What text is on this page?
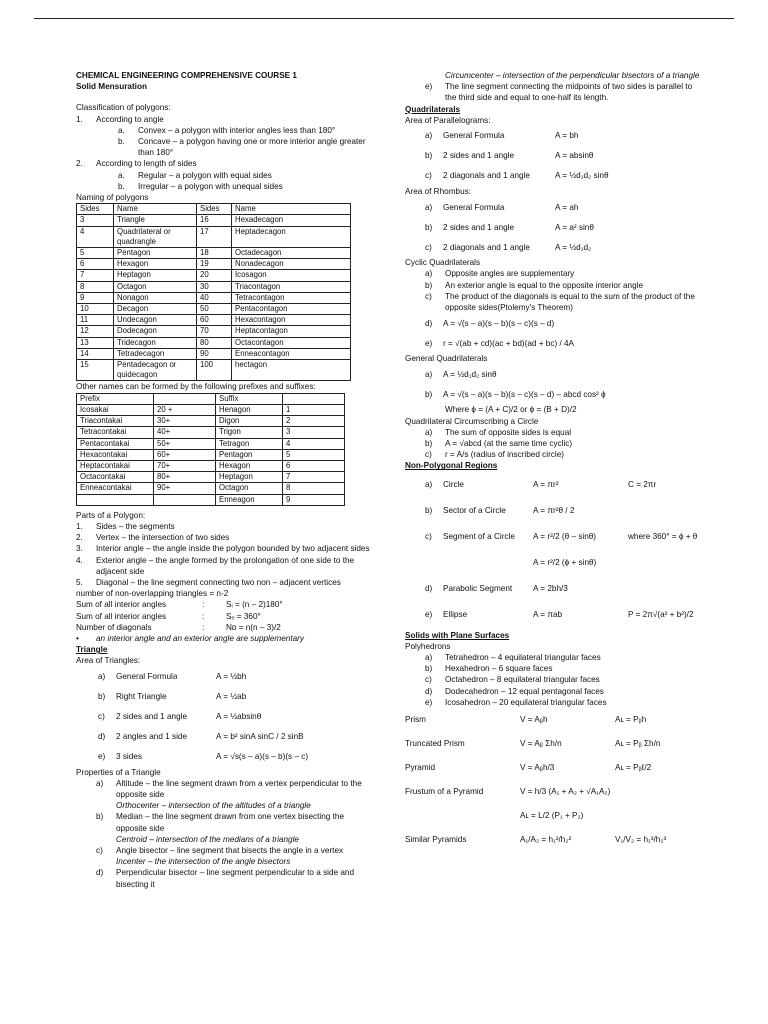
CHEMICAL ENGINEERING COMPREHENSIVE COURSE 1
Solid Mensuration
Classification of polygons:
1.	According to angle
a.	Convex – a polygon with interior angles less than 180°
b.	Concave – a polygon having one or more interior angle greater than 180°
2.	According to length of sides
a.	Regular – a polygon with equal sides
b.	Irregular – a polygon with unequal sides
Naming of polygons
Sides	Name	Sides	Name
3	Triangle	16	Hexadecagon
4	Quadrilateral or quadrangle	17	Heptadecagon
5	Pentagon	18	Octadecagon
6	Hexagon	19	Nonadecagon
7	Heptagon	20	Icosagon
8	Octagon	30	Triacontagon
9	Nonagon	40	Tetracontagon
10	Decagon	50	Pentacontagon
11	Undecagon	60	Hexacontagon
12	Dodecagon	70	Heptacontagon
13	Tridecagon	80	Octacontagon
14	Tetradecagon	90	Enneacontagon
15	Pentadecagon or quidecagon	100	hectagon
Other names can be formed by the following prefixes and suffixes:
Prefix		Suffix	
Icosakai	20 +	Henagon	1
Triacontakai	30+	Digon	2
Tetracontakai	40+	Trigon	3
Pentacontakai	50+	Tetragon	4
Hexacontakai	60+	Pentagon	5
Heptacontakai	70+	Hexagon	6
Octacontakai	80+	Heptagon	7
Enneacontakai	90+	Octagon	8
		Enneagon	9
Parts of a Polygon:
1.	Sides – the segments
2.	Vertex – the intersection of two sides
3.	Interior angle – the angle inside the polygon bounded by two adjacent sides
4.	Exterior angle – the angle formed by the prolongation of one side to the adjacent side
5.	Diagonal – the line segment connecting two non – adjacent vertices
number of non-overlapping triangles = n-2
Sum of all interior angles	:	Sᵢ = (n – 2)180°
Sum of all interior angles	:	Sₑ = 360°
Number of diagonals	:	Nᴅ = n(n – 3)/2
•	an interior angle and an exterior angle are supplementary
Triangle
Area of Triangles:
a)	General Formula	A = ½bh
b)	Right Triangle	A = ½ab
c)	2 sides and 1 angle	A = ½absinθ
d)	2 angles and 1 side	A = b² sinA sinC / 2 sinB
e)	3 sides	A = √s(s – a)(s – b)(s – c)
Properties of a Triangle
a)	Altitude – the line segment drawn from a vertex perpendicular to the opposite side
Orthocenter – intersection of the altitudes of a triangle
b)	Median – the line segment drawn from one vertex bisecting the opposite side
Centroid – intersection of the medians of a triangle
c)	Angle bisector – line segment that bisects the angle in a vertex
Incenter – the intersection of the angle bisectors
d)	Perpendicular bisector – line segment perpendicular to a side and bisecting it
Circumcenter – intersection of the perpendicular bisectors of a triangle
e)	The line segment connecting the midpoints of two sides is parallel to the third side and equal to one-half its length.
Quadrilaterals
Area of Parallelograms:
a)	General Formula	A = bh
b)	2 sides and 1 angle	A = absinθ
c)	2 diagonals and 1 angle	A = ½d₁d₂ sinθ
Area of Rhombus:
a)	General Formula	A = ah
b)	2 sides and 1 angle	A = a² sinθ
c)	2 diagonals and 1 angle	A = ½d₁d₂
Cyclic Quadrilaterals
a)	Opposite angles are supplementary
b)	An exterior angle is equal to the opposite interior angle
c)	The product of the diagonals is equal to the sum of the product of the opposite sides(Ptolemy's Theorem)
d)	A = √(s – a)(s – b)(s – c)(s – d)
e)	r = √(ab + cd)(ac + bd)(ad + bc) / 4A
General Quadrilaterals
a)	A = ½d₁d₂ sinθ
b)	A = √(s – a)(s – b)(s – c)(s – d) – abcd cos² ϕ
Where ϕ = (A + C)/2 or ϕ = (B + D)/2
Quadrilateral Circumscribing a Circle
a)	The sum of opposite sides is equal
b)	A = √abcd (at the same time cyclic)
c)	r = A/s (radius of inscribed circle)
Non-Polygonal Regions
a)	Circle	A = πr²	C = 2πr
b)	Sector of a Circle	A = πr²θ / 2
c)	Segment of a Circle	A = r²/2 (θ – sinθ)	where 360° = ϕ + θ
A = r²/2 (ϕ + sinθ)
d)	Parabolic Segment	A = 2bh/3
e)	Ellipse	A = πab	P = 2π√(a² + b²)/2
Solids with Plane Surfaces
Polyhedrons
a)	Tetrahedron – 4 equilateral triangular faces
b)	Hexahedron – 6 square faces
c)	Octahedron – 8 equilateral triangular faces
d)	Dodecahedron – 12 equal pentagonal faces
e)	Icosahedron – 20 equilateral triangular faces
Prism	V = Aᵦh	Aʟ = Pᵦh
Truncated Prism	V = Aᵦ Σh/n	Aʟ = Pᵦ Σh/n
Pyramid	V = Aᵦh/3	Aʟ = Pᵦℓ/2
Frustum of a Pyramid	V = h/3 (A₁ + A₂ + √A₁A₂)
Aʟ = L/2 (P₁ + P₂)
Similar Pyramids	A₁/A₂ = h₁²/h₂²	V₁/V₂ = h₁³/h₂³
